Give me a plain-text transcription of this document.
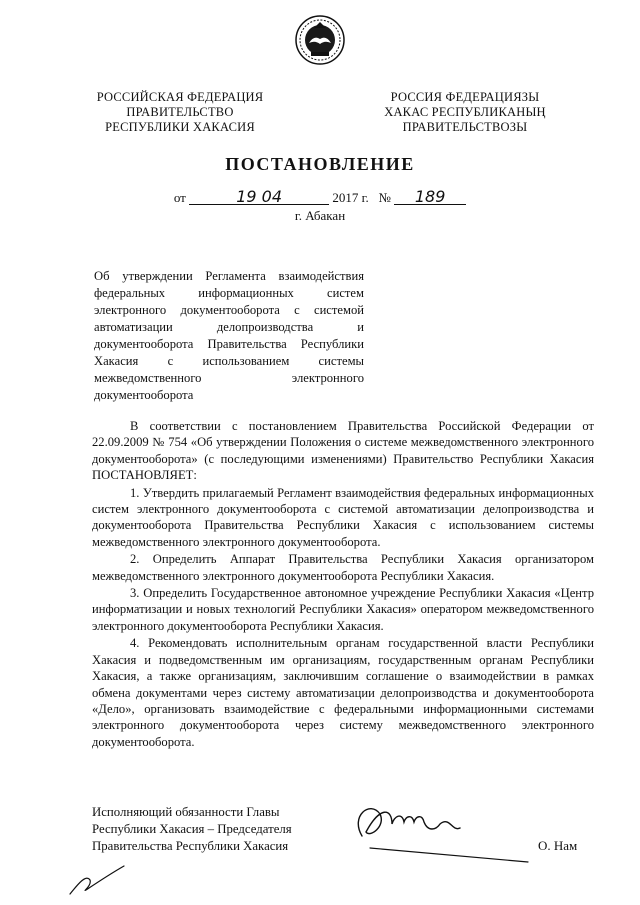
РОССИЙСКАЯ ФЕДЕРАЦИЯ
ПРАВИТЕЛЬСТВО
РЕСПУБЛИКИ ХАКАСИЯ
РОССИЯ ФЕДЕРАЦИЯЗЫ
ХАКАС РЕСПУБЛИКАНЫҢ
ПРАВИТЕЛЬСТВОЗЫ
ПОСТАНОВЛЕНИЕ
от	19 04	2017 г. № 189
г. Абакан
Об утверждении Регламента взаимодействия федеральных информационных систем электронного документооборота с системой автоматизации делопроизводства и документооборота Правительства Республики Хакасия с использованием системы межведомственного электронного документооборота

В соответствии с постановлением Правительства Российской Федерации от 22.09.2009 № 754 «Об утверждении Положения о системе межведомственного электронного документооборота» (с последующими изменениями) Правительство Республики Хакасия ПОСТАНОВЛЯЕТ:

1. Утвердить прилагаемый Регламент взаимодействия федеральных информационных систем электронного документооборота с системой автоматизации делопроизводства и документооборота Правительства Республики Хакасия с использованием системы межведомственного электронного документооборота.

2. Определить Аппарат Правительства Республики Хакасия организатором межведомственного электронного документооборота Республики Хакасия.

3. Определить Государственное автономное учреждение Республики Хакасия «Центр информатизации и новых технологий Республики Хакасия» оператором межведомственного электронного документооборота Республики Хакасия.

4. Рекомендовать исполнительным органам государственной власти Республики Хакасия и подведомственным им организациям, государственным органам Республики Хакасия, а также организациям, заключившим соглашение о взаимодействии в рамках обмена документами через систему автоматизации делопроизводства и документооборота «Дело», организовать взаимодействие с федеральными информационными системами электронного документооборота через систему межведомственного электронного документооборота.

Исполняющий обязанности Главы
Республики Хакасия – Председателя
Правительства Республики Хакасия	О. Нам
